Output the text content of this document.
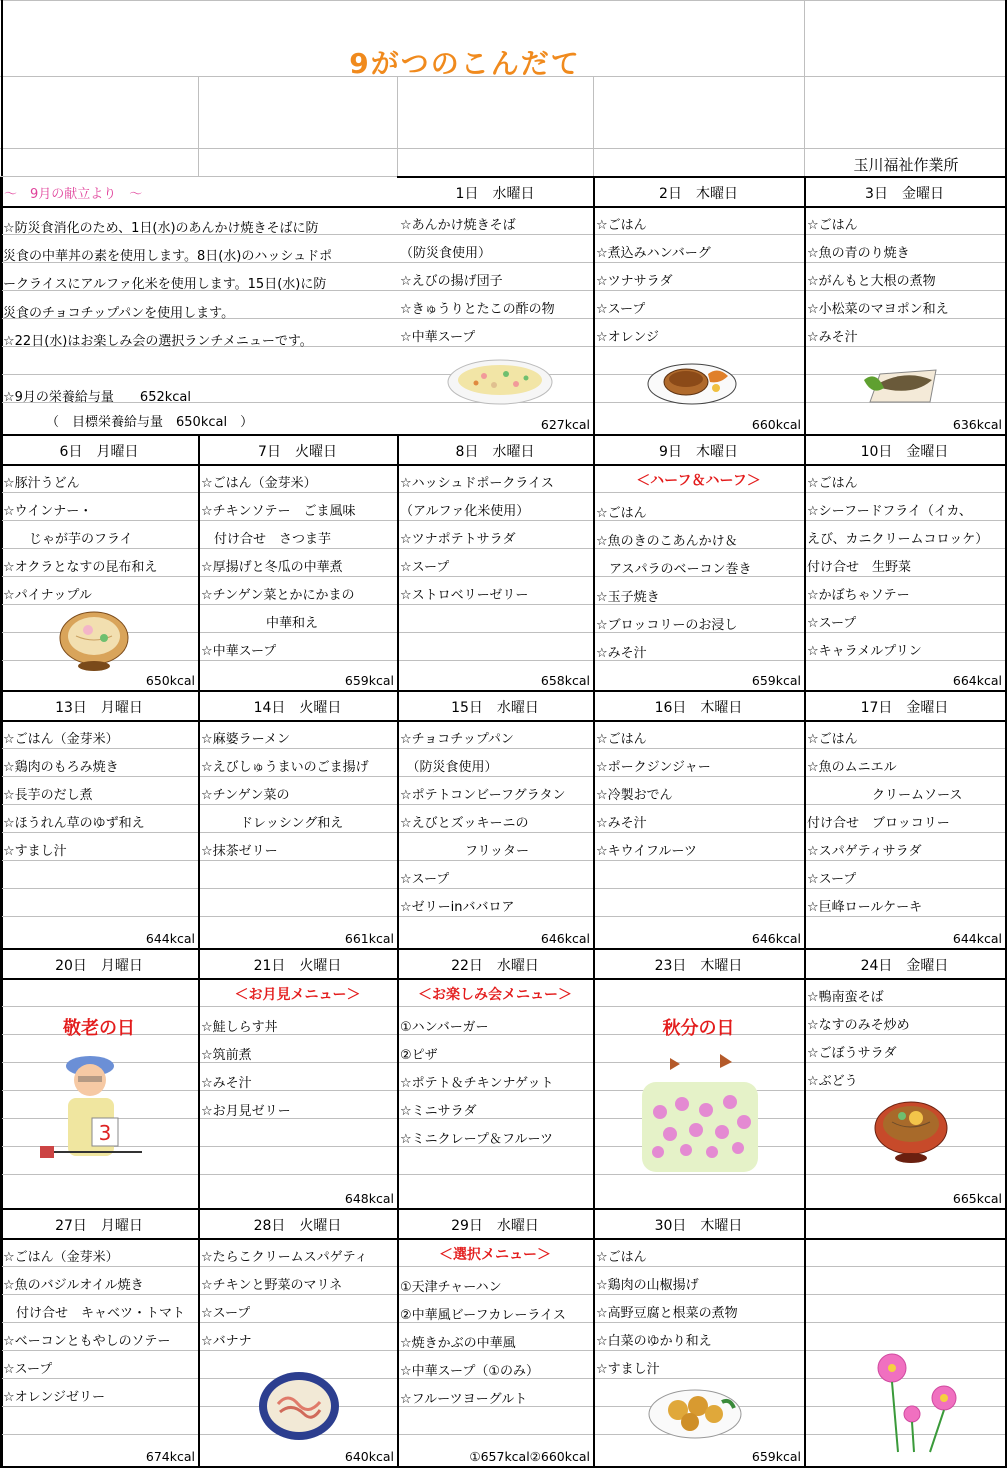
9がつのこんだて
玉川福祉作業所
～　9月の献立より　～
☆防災食消化のため、1日(水)のあんかけ焼きそばに防
災食の中華丼の素を使用します。8日(水)のハッシュドポ
ークライスにアルファ化米を使用します。15日(水)に防
災食のチョコチップパンを使用します。
☆22日(水)はお楽しみ会の選択ランチメニューです。
☆9月の栄養給与量　　652kcal
（　目標栄養給与量　650kcal　）
1日　水曜日
☆あんかけ焼きそば
（防災食使用）
☆えびの揚げ団子
☆きゅうりとたこの酢の物
☆中華スープ
627kcal
2日　木曜日
☆ごはん
☆煮込みハンバーグ
☆ツナサラダ
☆スープ
☆オレンジ
660kcal
3日　金曜日
☆ごはん
☆魚の青のり焼き
☆がんもと大根の煮物
☆小松菜のマヨポン和え
☆みそ汁
636kcal
6日　月曜日
☆豚汁うどん
☆ウインナー・
　　じゃが芋のフライ
☆オクラとなすの昆布和え
☆パイナップル
650kcal
7日　火曜日
☆ごはん（金芽米）
☆チキンソテー　ごま風味
　付け合せ　さつま芋
☆厚揚げと冬瓜の中華煮
☆チンゲン菜とかにかまの
　　　　　中華和え
☆中華スープ
659kcal
8日　水曜日
☆ハッシュドポークライス
（アルファ化米使用）
☆ツナポテトサラダ
☆スープ
☆ストロベリーゼリー
658kcal
9日　木曜日
＜ハーフ＆ハーフ＞
☆ごはん
☆魚のきのこあんかけ＆
　アスパラのベーコン巻き
☆玉子焼き
☆ブロッコリーのお浸し
☆みそ汁
659kcal
10日　金曜日
☆ごはん
☆シーフードフライ（イカ、
えび、カニクリームコロッケ）
付け合せ　生野菜
☆かぼちゃソテー
☆スープ
☆キャラメルプリン
664kcal
13日　月曜日
☆ごはん（金芽米）
☆鶏肉のもろみ焼き
☆長芋のだし煮
☆ほうれん草のゆず和え
☆すまし汁
644kcal
14日　火曜日
☆麻婆ラーメン
☆えびしゅうまいのごま揚げ
☆チンゲン菜の
　　　ドレッシング和え
☆抹茶ゼリー
661kcal
15日　水曜日
☆チョコチップパン
　（防災食使用）
☆ポテトコンビーフグラタン
☆えびとズッキーニの
　　　　　フリッター
☆スープ
☆ゼリーinババロア
646kcal
16日　木曜日
☆ごはん
☆ポークジンジャー
☆冷製おでん
☆みそ汁
☆キウイフルーツ
646kcal
17日　金曜日
☆ごはん
☆魚のムニエル
　　　　　クリームソース
付け合せ　ブロッコリー
☆スパゲティサラダ
☆スープ
☆巨峰ロールケーキ
644kcal
20日　月曜日
敬老の日
21日　火曜日
＜お月見メニュー＞
☆鮭しらす丼
☆筑前煮
☆みそ汁
☆お月見ゼリー
648kcal
22日　水曜日
＜お楽しみ会メニュー＞
①ハンバーガー
②ピザ
☆ポテト＆チキンナゲット
☆ミニサラダ
☆ミニクレープ＆フルーツ
23日　木曜日
秋分の日
24日　金曜日
☆鴨南蛮そば
☆なすのみそ炒め
☆ごぼうサラダ
☆ぶどう
665kcal
27日　月曜日
☆ごはん（金芽米）
☆魚のバジルオイル焼き
　付け合せ　キャベツ・トマト
☆ベーコンともやしのソテー
☆スープ
☆オレンジゼリー
674kcal
28日　火曜日
☆たらこクリームスパゲティ
☆チキンと野菜のマリネ
☆スープ
☆バナナ
640kcal
29日　水曜日
＜選択メニュー＞
①天津チャーハン
②中華風ビーフカレーライス
☆焼きかぶの中華風
☆中華スープ（①のみ）
☆フルーツヨーグルト
①657kcal②660kcal
30日　木曜日
☆ごはん
☆鶏肉の山椒揚げ
☆高野豆腐と根菜の煮物
☆白菜のゆかり和え
☆すまし汁
659kcal
3
